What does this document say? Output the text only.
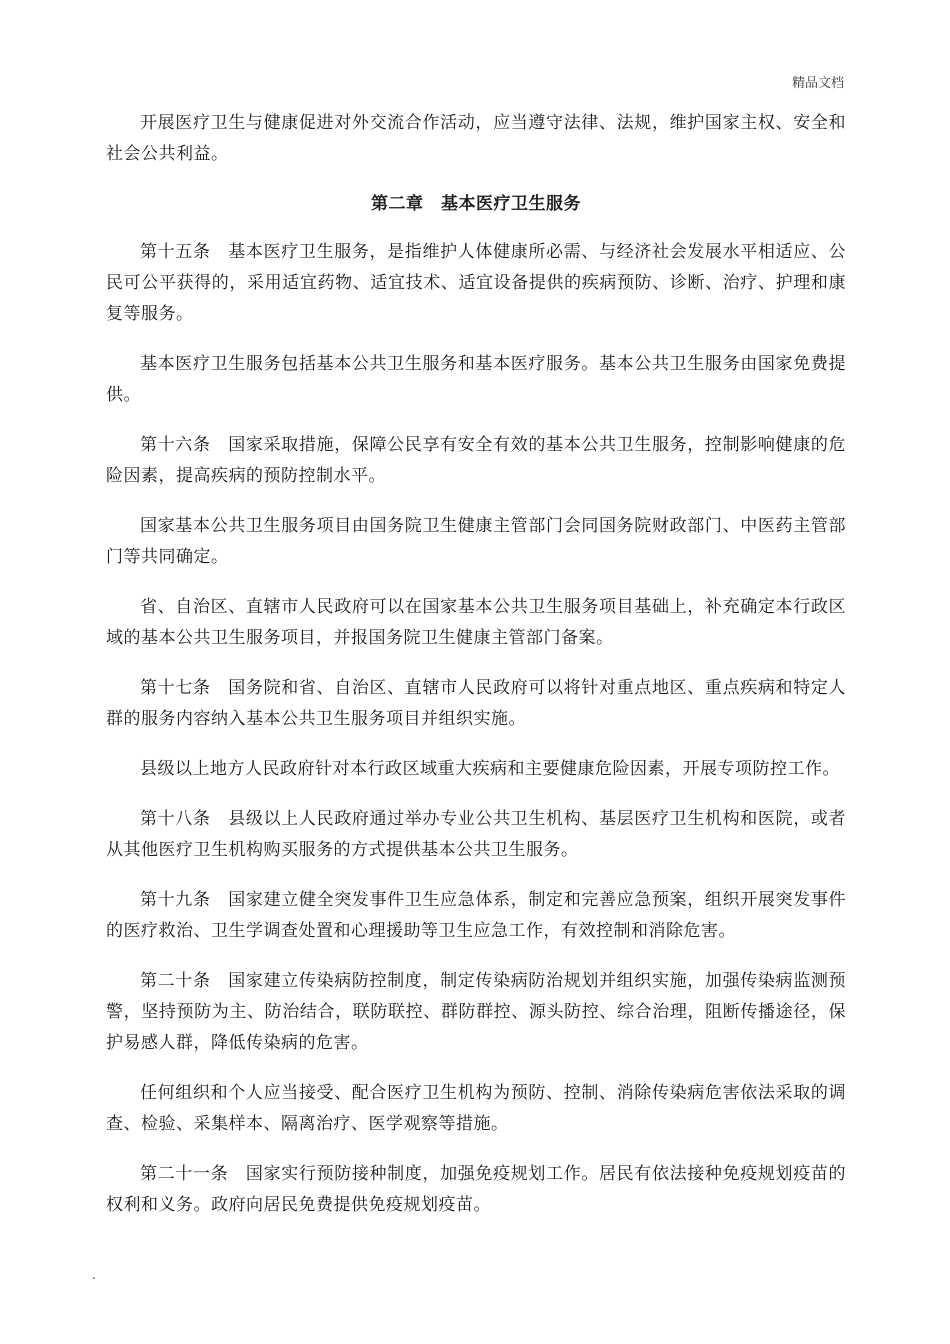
精品文档

开展医疗卫生与健康促进对外交流合作活动，应当遵守法律、法规，维护国家主权、安全和社会公共利益。

第二章　基本医疗卫生服务

第十五条　基本医疗卫生服务，是指维护人体健康所必需、与经济社会发展水平相适应、公民可公平获得的，采用适宜药物、适宜技术、适宜设备提供的疾病预防、诊断、治疗、护理和康复等服务。

基本医疗卫生服务包括基本公共卫生服务和基本医疗服务。基本公共卫生服务由国家免费提供。

第十六条　国家采取措施，保障公民享有安全有效的基本公共卫生服务，控制影响健康的危险因素，提高疾病的预防控制水平。

国家基本公共卫生服务项目由国务院卫生健康主管部门会同国务院财政部门、中医药主管部门等共同确定。

省、自治区、直辖市人民政府可以在国家基本公共卫生服务项目基础上，补充确定本行政区域的基本公共卫生服务项目，并报国务院卫生健康主管部门备案。

第十七条　国务院和省、自治区、直辖市人民政府可以将针对重点地区、重点疾病和特定人群的服务内容纳入基本公共卫生服务项目并组织实施。

县级以上地方人民政府针对本行政区域重大疾病和主要健康危险因素，开展专项防控工作。

第十八条　县级以上人民政府通过举办专业公共卫生机构、基层医疗卫生机构和医院，或者从其他医疗卫生机构购买服务的方式提供基本公共卫生服务。

第十九条　国家建立健全突发事件卫生应急体系，制定和完善应急预案，组织开展突发事件的医疗救治、卫生学调查处置和心理援助等卫生应急工作，有效控制和消除危害。

第二十条　国家建立传染病防控制度，制定传染病防治规划并组织实施，加强传染病监测预警，坚持预防为主、防治结合，联防联控、群防群控、源头防控、综合治理，阻断传播途径，保护易感人群，降低传染病的危害。

任何组织和个人应当接受、配合医疗卫生机构为预防、控制、消除传染病危害依法采取的调查、检验、采集样本、隔离治疗、医学观察等措施。

第二十一条　国家实行预防接种制度，加强免疫规划工作。居民有依法接种免疫规划疫苗的权利和义务。政府向居民免费提供免疫规划疫苗。

.
